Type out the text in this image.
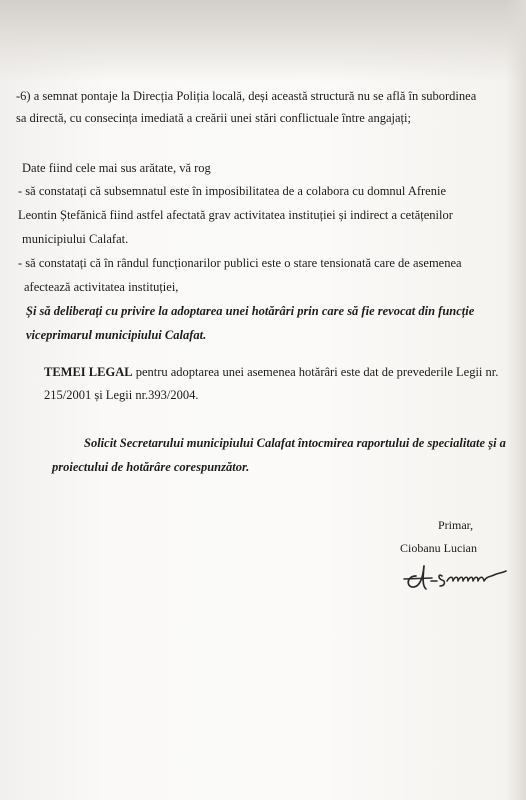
-6) a semnat pontaje la Direcția Poliția locală, deși această structură nu se află în subordinea
sa directă, cu consecința imediată a creării unei stări conflictuale între angajați;
Date fiind cele mai sus arătate, vă rog
- să constatați că subsemnatul este în imposibilitatea de a colabora cu domnul Afrenie
Leontin Ștefănică fiind astfel afectată grav activitatea instituției și indirect a cetățenilor
municipiului Calafat.
- să constatați că în rândul funcționarilor publici este o stare tensionată care de asemenea
afectează activitatea instituției,
Și să deliberați cu privire la adoptarea unei hotărâri prin care să fie revocat din funcție
viceprimarul municipiului Calafat.
TEMEI LEGAL pentru adoptarea unei asemenea hotărâri este dat de prevederile Legii nr.
215/2001 și Legii nr.393/2004.
Solicit Secretarului municipiului Calafat întocmirea raportului de specialitate și a
proiectului de hotărâre corespunzător.
Primar,
Ciobanu Lucian
